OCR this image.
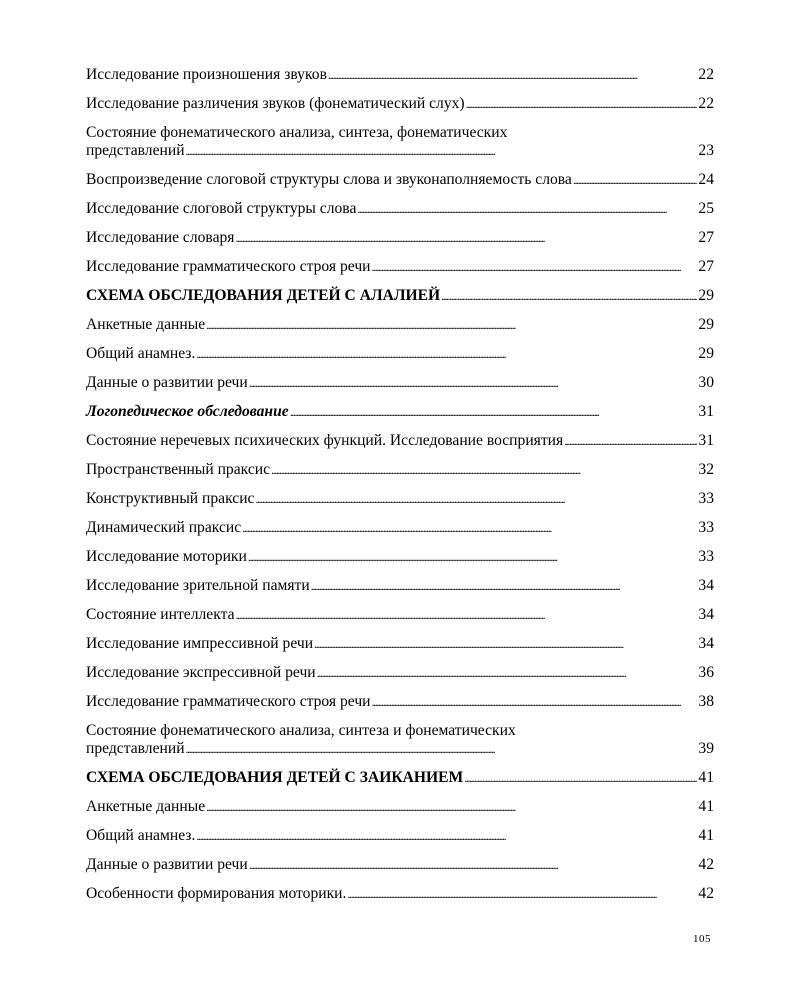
Исследование произношения звуков . . .	22
Исследование различения звуков (фонематический слух) . . .	22
Состояние фонематического анализа, синтеза, фонематических
представлений . . .	23
Воспроизведение слоговой структуры слова и звуконаполняемость слова . . .	24
Исследование слоговой структуры слова . . .	25
Исследование словаря . . .	27
Исследование грамматического строя речи . . .	27
СХЕМА ОБСЛЕДОВАНИЯ ДЕТЕЙ С АЛАЛИЕЙ . . .	29
Анкетные данные . . .	29
Общий анамнез. . . .	29
Данные о развитии речи . . .	30
Логопедическое обследование . . .	31
Состояние неречевых психических функций. Исследование восприятия . . .	31
Пространственный праксис . . .	32
Конструктивный праксис . . .	33
Динамический праксис . . .	33
Исследование моторики . . .	33
Исследование зрительной памяти . . .	34
Состояние интеллекта . . .	34
Исследование импрессивной речи . . .	34
Исследование экспрессивной речи . . .	36
Исследование грамматического строя речи . . .	38
Состояние фонематического анализа, синтеза и фонематических
представлений . . .	39
СХЕМА ОБСЛЕДОВАНИЯ ДЕТЕЙ С ЗАИКАНИЕМ . . .	41
Анкетные данные . . .	41
Общий анамнез. . . .	41
Данные о развитии речи . . .	42
Особенности формирования моторики. . . .	42
105
